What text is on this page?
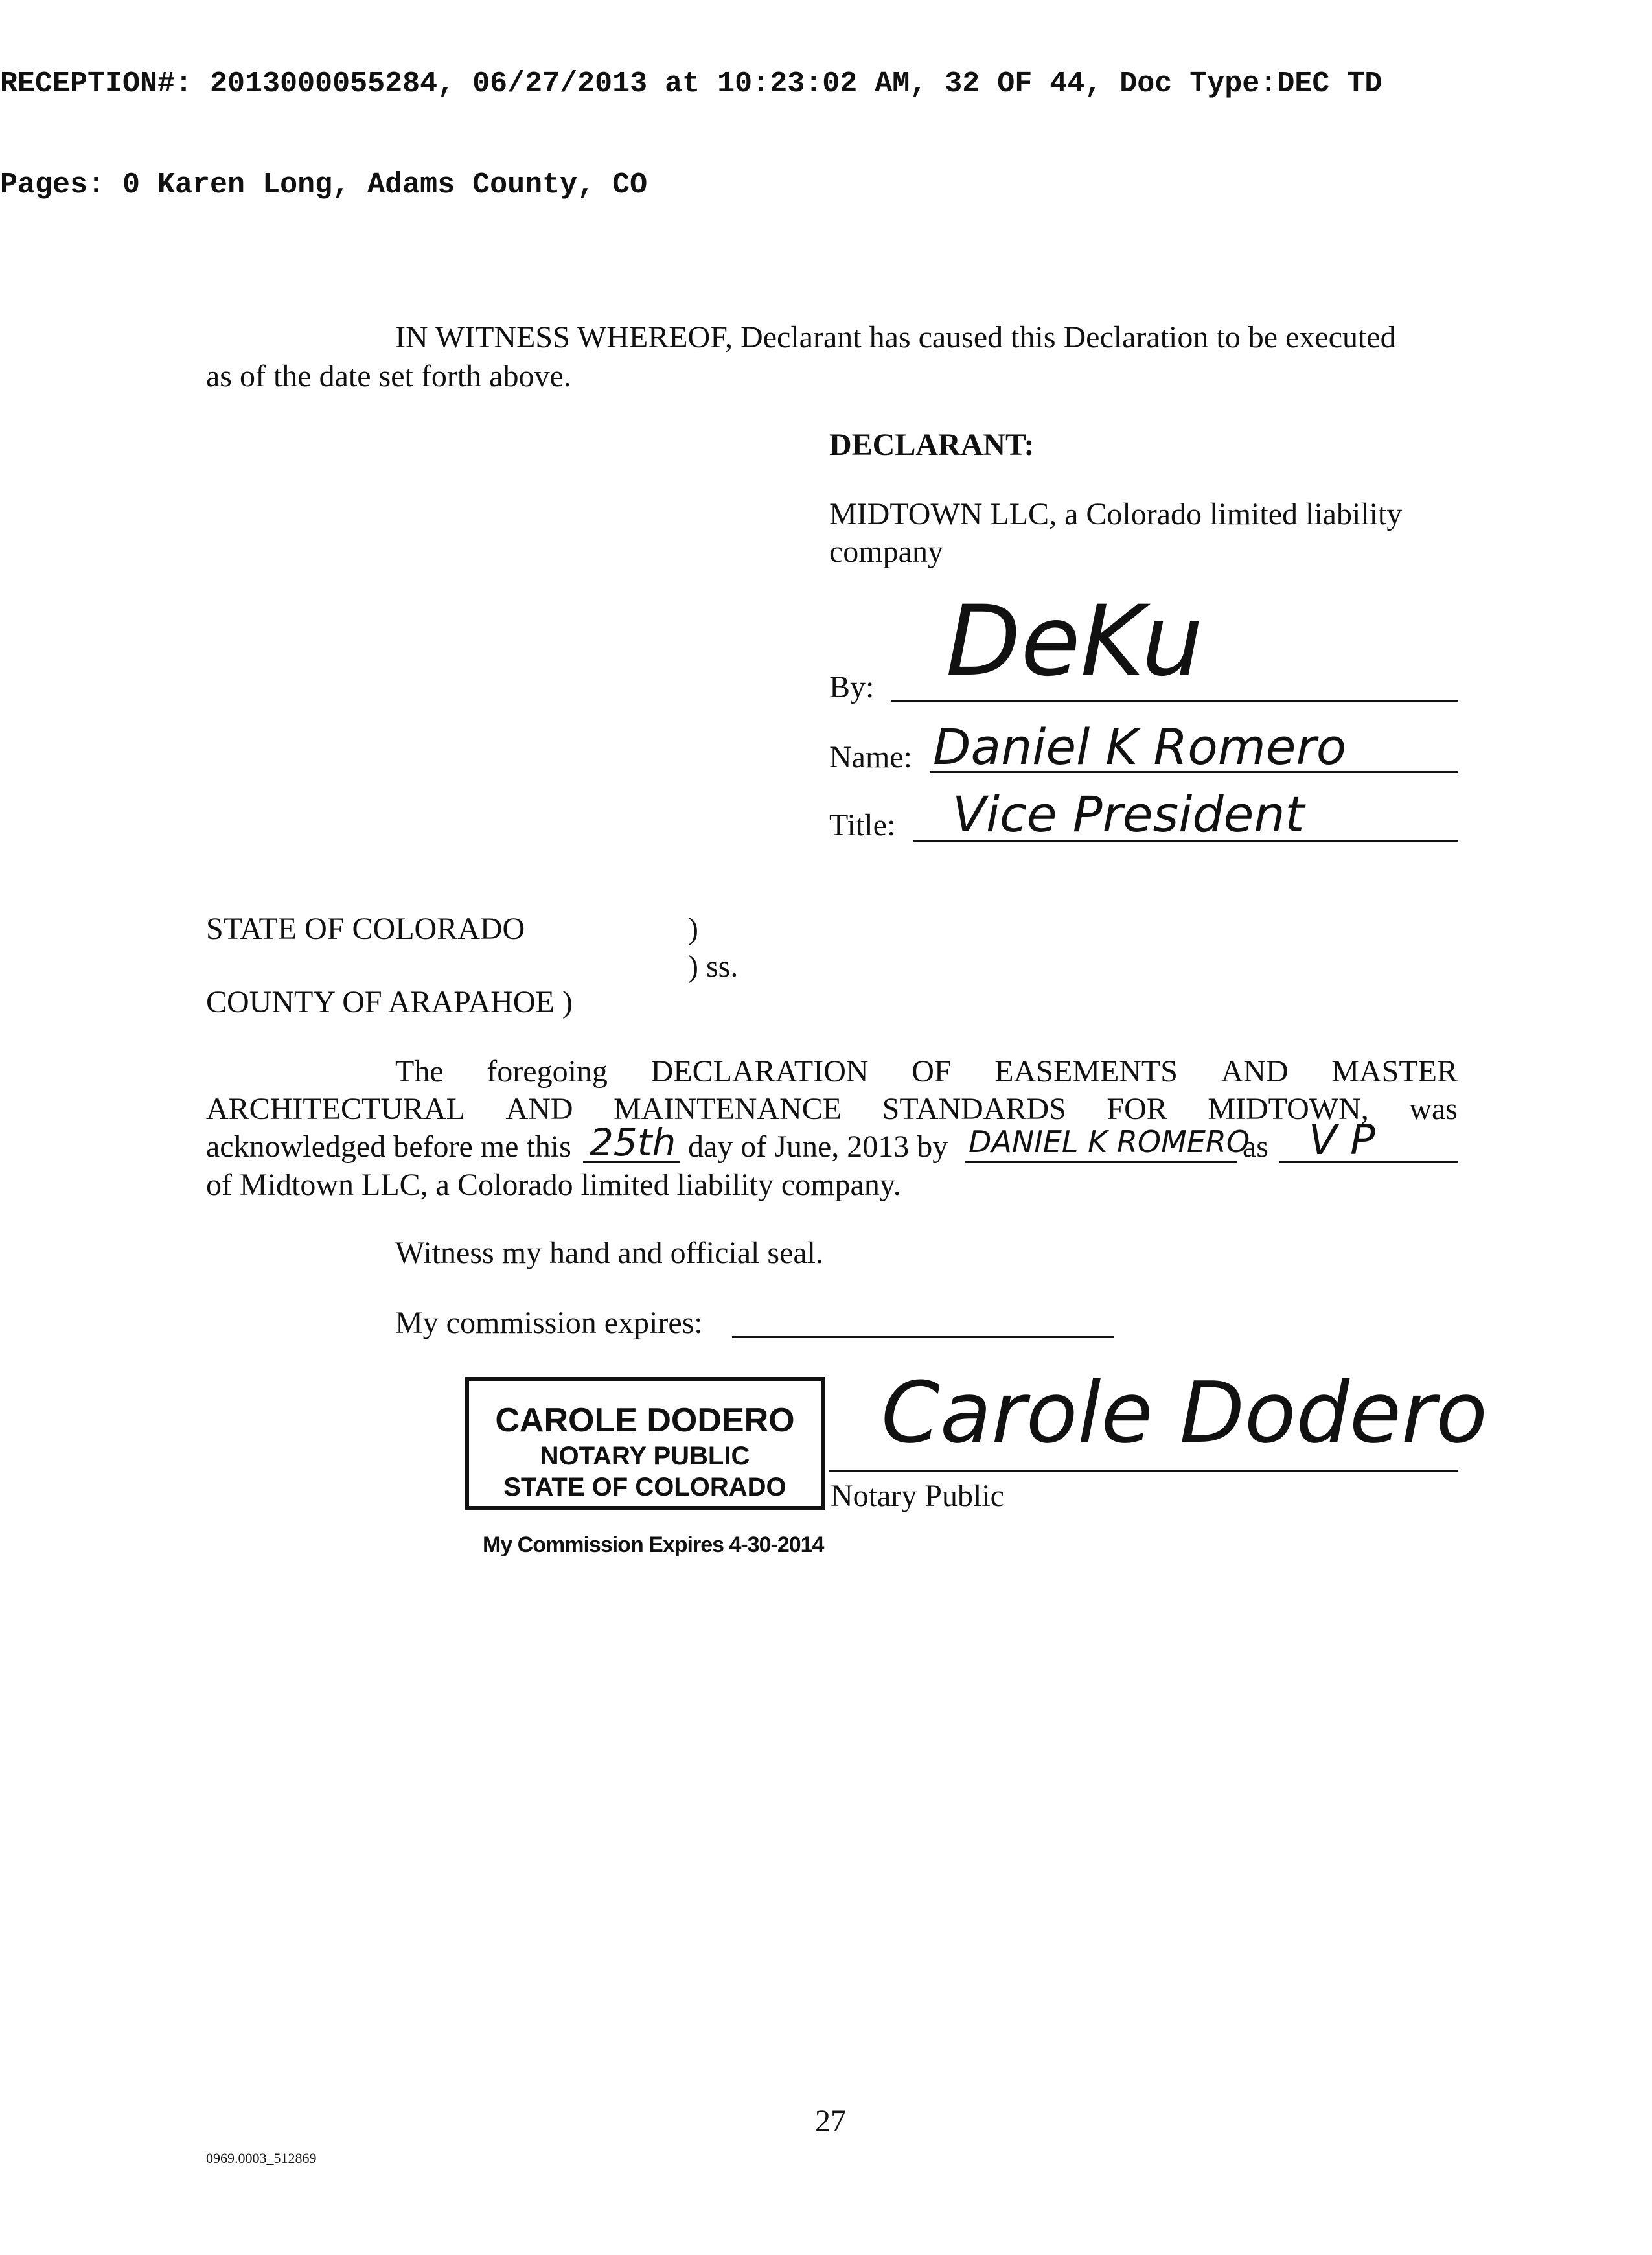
RECEPTION#: 2013000055284, 06/27/2013 at 10:23:02 AM, 32 OF 44, Doc Type:DEC TD

Pages: 0 Karen Long, Adams County, CO

IN WITNESS WHEREOF, Declarant has caused this Declaration to be executed
as of the date set forth above.
DECLARANT:
MIDTOWN LLC, a Colorado limited liability
company
By: DeKu
Name: Daniel K Romero
Title: Vice President
STATE OF COLORADO	)
) ss.
COUNTY OF ARAPAHOE )
The foregoing DECLARATION OF EASEMENTS AND MASTER
ARCHITECTURAL AND MAINTENANCE STANDARDS FOR MIDTOWN, was
acknowledged before me this 25th day of June, 2013 by DANIEL K ROMERO
as V P
of Midtown LLC, a Colorado limited liability company.
Witness my hand and official seal.
My commission expires:
CAROLE DODERO
NOTARY PUBLIC
STATE OF COLORADO
My Commission Expires 4-30-2014
Carole Dodero
Notary Public
27
0969.0003_512869
